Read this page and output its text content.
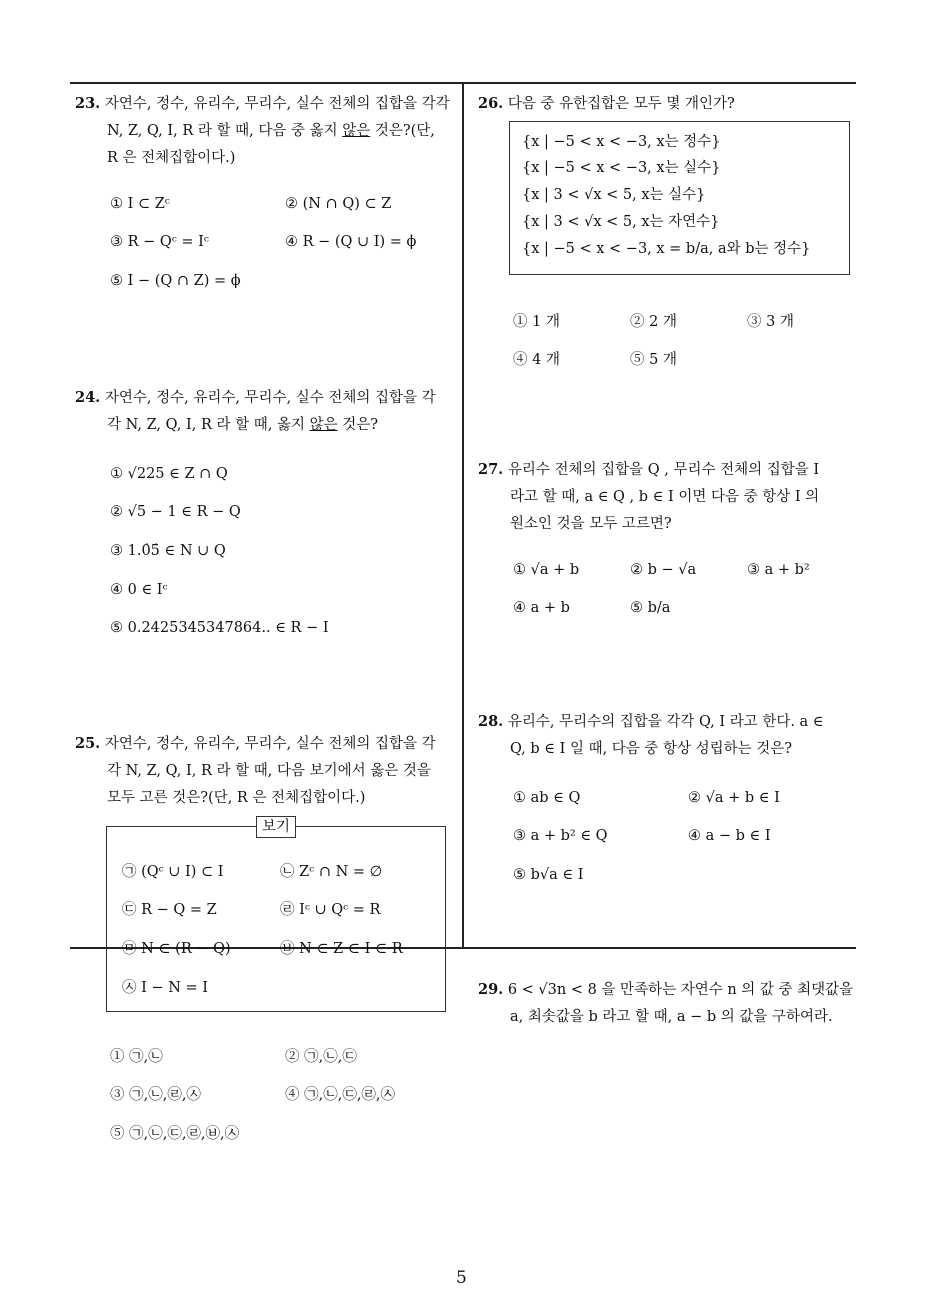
5
23. 자연수, 정수, 유리수, 무리수, 실수 전체의 집합을 각각
N, Z, Q, I, R 라 할 때, 다음 중 옳지 않은 것은?(단,
R 은 전체집합이다.)
① I ⊂ Zᶜ	② (N ∩ Q) ⊂ Z
③ R − Qᶜ = Iᶜ	④ R − (Q ∪ I) = ϕ
⑤ I − (Q ∩ Z) = ϕ
24. 자연수, 정수, 유리수, 무리수, 실수 전체의 집합을 각
각 N, Z, Q, I, R 라 할 때, 옳지 않은 것은?
① √225 ∈ Z ∩ Q
② √5 − 1 ∈ R − Q
③ 1.0̇5̇ ∈ N ∪ Q
④ 0 ∈ Iᶜ
⑤ 0.2425345347864.. ∈ R − I
25. 자연수, 정수, 유리수, 무리수, 실수 전체의 집합을 각
각 N, Z, Q, I, R 라 할 때, 다음 보기에서 옳은 것을
모두 고른 것은?(단, R 은 전체집합이다.)
보기
㉠ (Qᶜ ∪ I) ⊂ I	㉡ Zᶜ ∩ N = ∅
㉢ R − Q = Z	㉣ Iᶜ ∪ Qᶜ = R
㉤ N ⊂ (R − Q)	㉥ N ⊂ Z ⊂ I ⊂ R
㉦ I − N = I
① ㉠,㉡	② ㉠,㉡,㉢
③ ㉠,㉡,㉣,㉦	④ ㉠,㉡,㉢,㉣,㉦
⑤ ㉠,㉡,㉢,㉣,㉥,㉦
26. 다음 중 유한집합은 모두 몇 개인가?
{x | −5 < x < −3, x는 정수}
{x | −5 < x < −3, x는 실수}
{x | 3 < √x < 5, x는 실수}
{x | 3 < √x < 5, x는 자연수}
{x | −5 < x < −3, x = b/a, a와 b는 정수}
① 1 개	② 2 개	③ 3 개
④ 4 개	⑤ 5 개
27. 유리수 전체의 집합을 Q , 무리수 전체의 집합을 I
라고 할 때, a ∈ Q , b ∈ I 이면 다음 중 항상 I 의
원소인 것을 모두 고르면?
① √a + b	② b − √a	③ a + b²
④ a + b	⑤ b/a
28. 유리수, 무리수의 집합을 각각 Q, I 라고 한다. a ∈
Q, b ∈ I 일 때, 다음 중 항상 성립하는 것은?
① ab ∈ Q	② √a + b ∈ I
③ a + b² ∈ Q	④ a − b ∈ I
⑤ b√a ∈ I
29. 6 < √3n < 8 을 만족하는 자연수 n 의 값 중 최댓값을
a, 최솟값을 b 라고 할 때, a − b 의 값을 구하여라.
